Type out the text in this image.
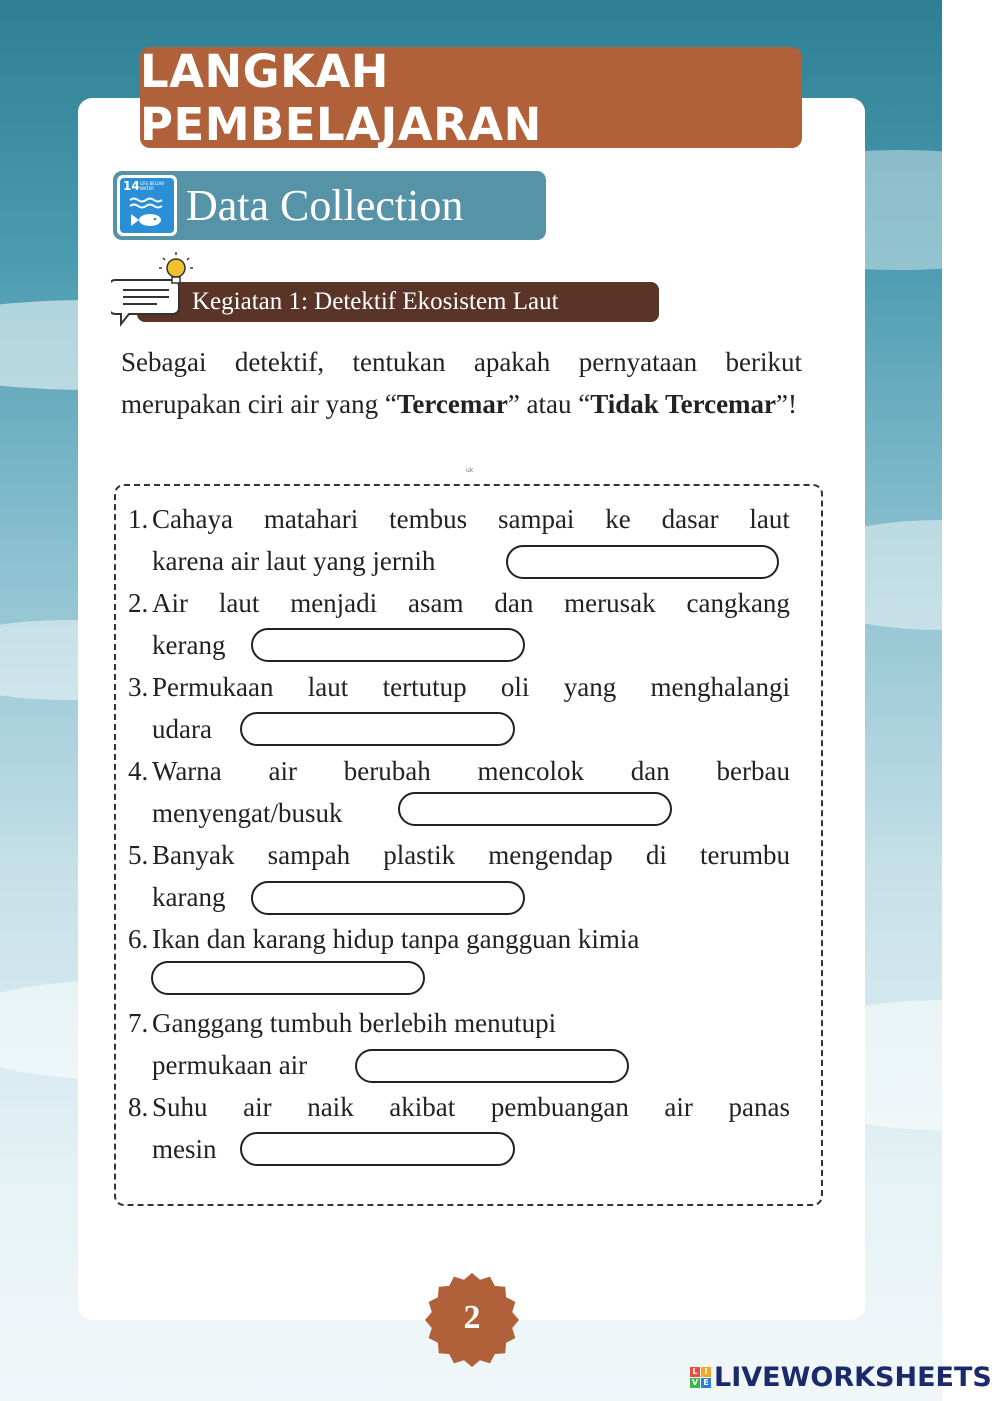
LANGKAH PEMBELAJARAN
14 LIFE BELOW WATER Data Collection
Kegiatan 1: Detektif Ekosistem Laut
Sebagai detektif, tentukan apakah pernyataan berikut merupakan ciri air yang “Tercemar” atau “Tidak Tercemar”!
uk
1. Cahaya matahari tembus sampai ke dasar laut
karena air laut yang jernih
2. Air laut menjadi asam dan merusak cangkang
kerang
3. Permukaan laut tertutup oli yang menghalangi
udara
4. Warna air berubah mencolok dan berbau
menyengat/busuk
5. Banyak sampah plastik mengendap di terumbu
karang
6. Ikan dan karang hidup tanpa gangguan kimia
7. Ganggang tumbuh berlebih menutupi
permukaan air
8. Suhu air naik akibat pembuangan air panas
mesin
2
L I
V E LIVEWORKSHEETS
